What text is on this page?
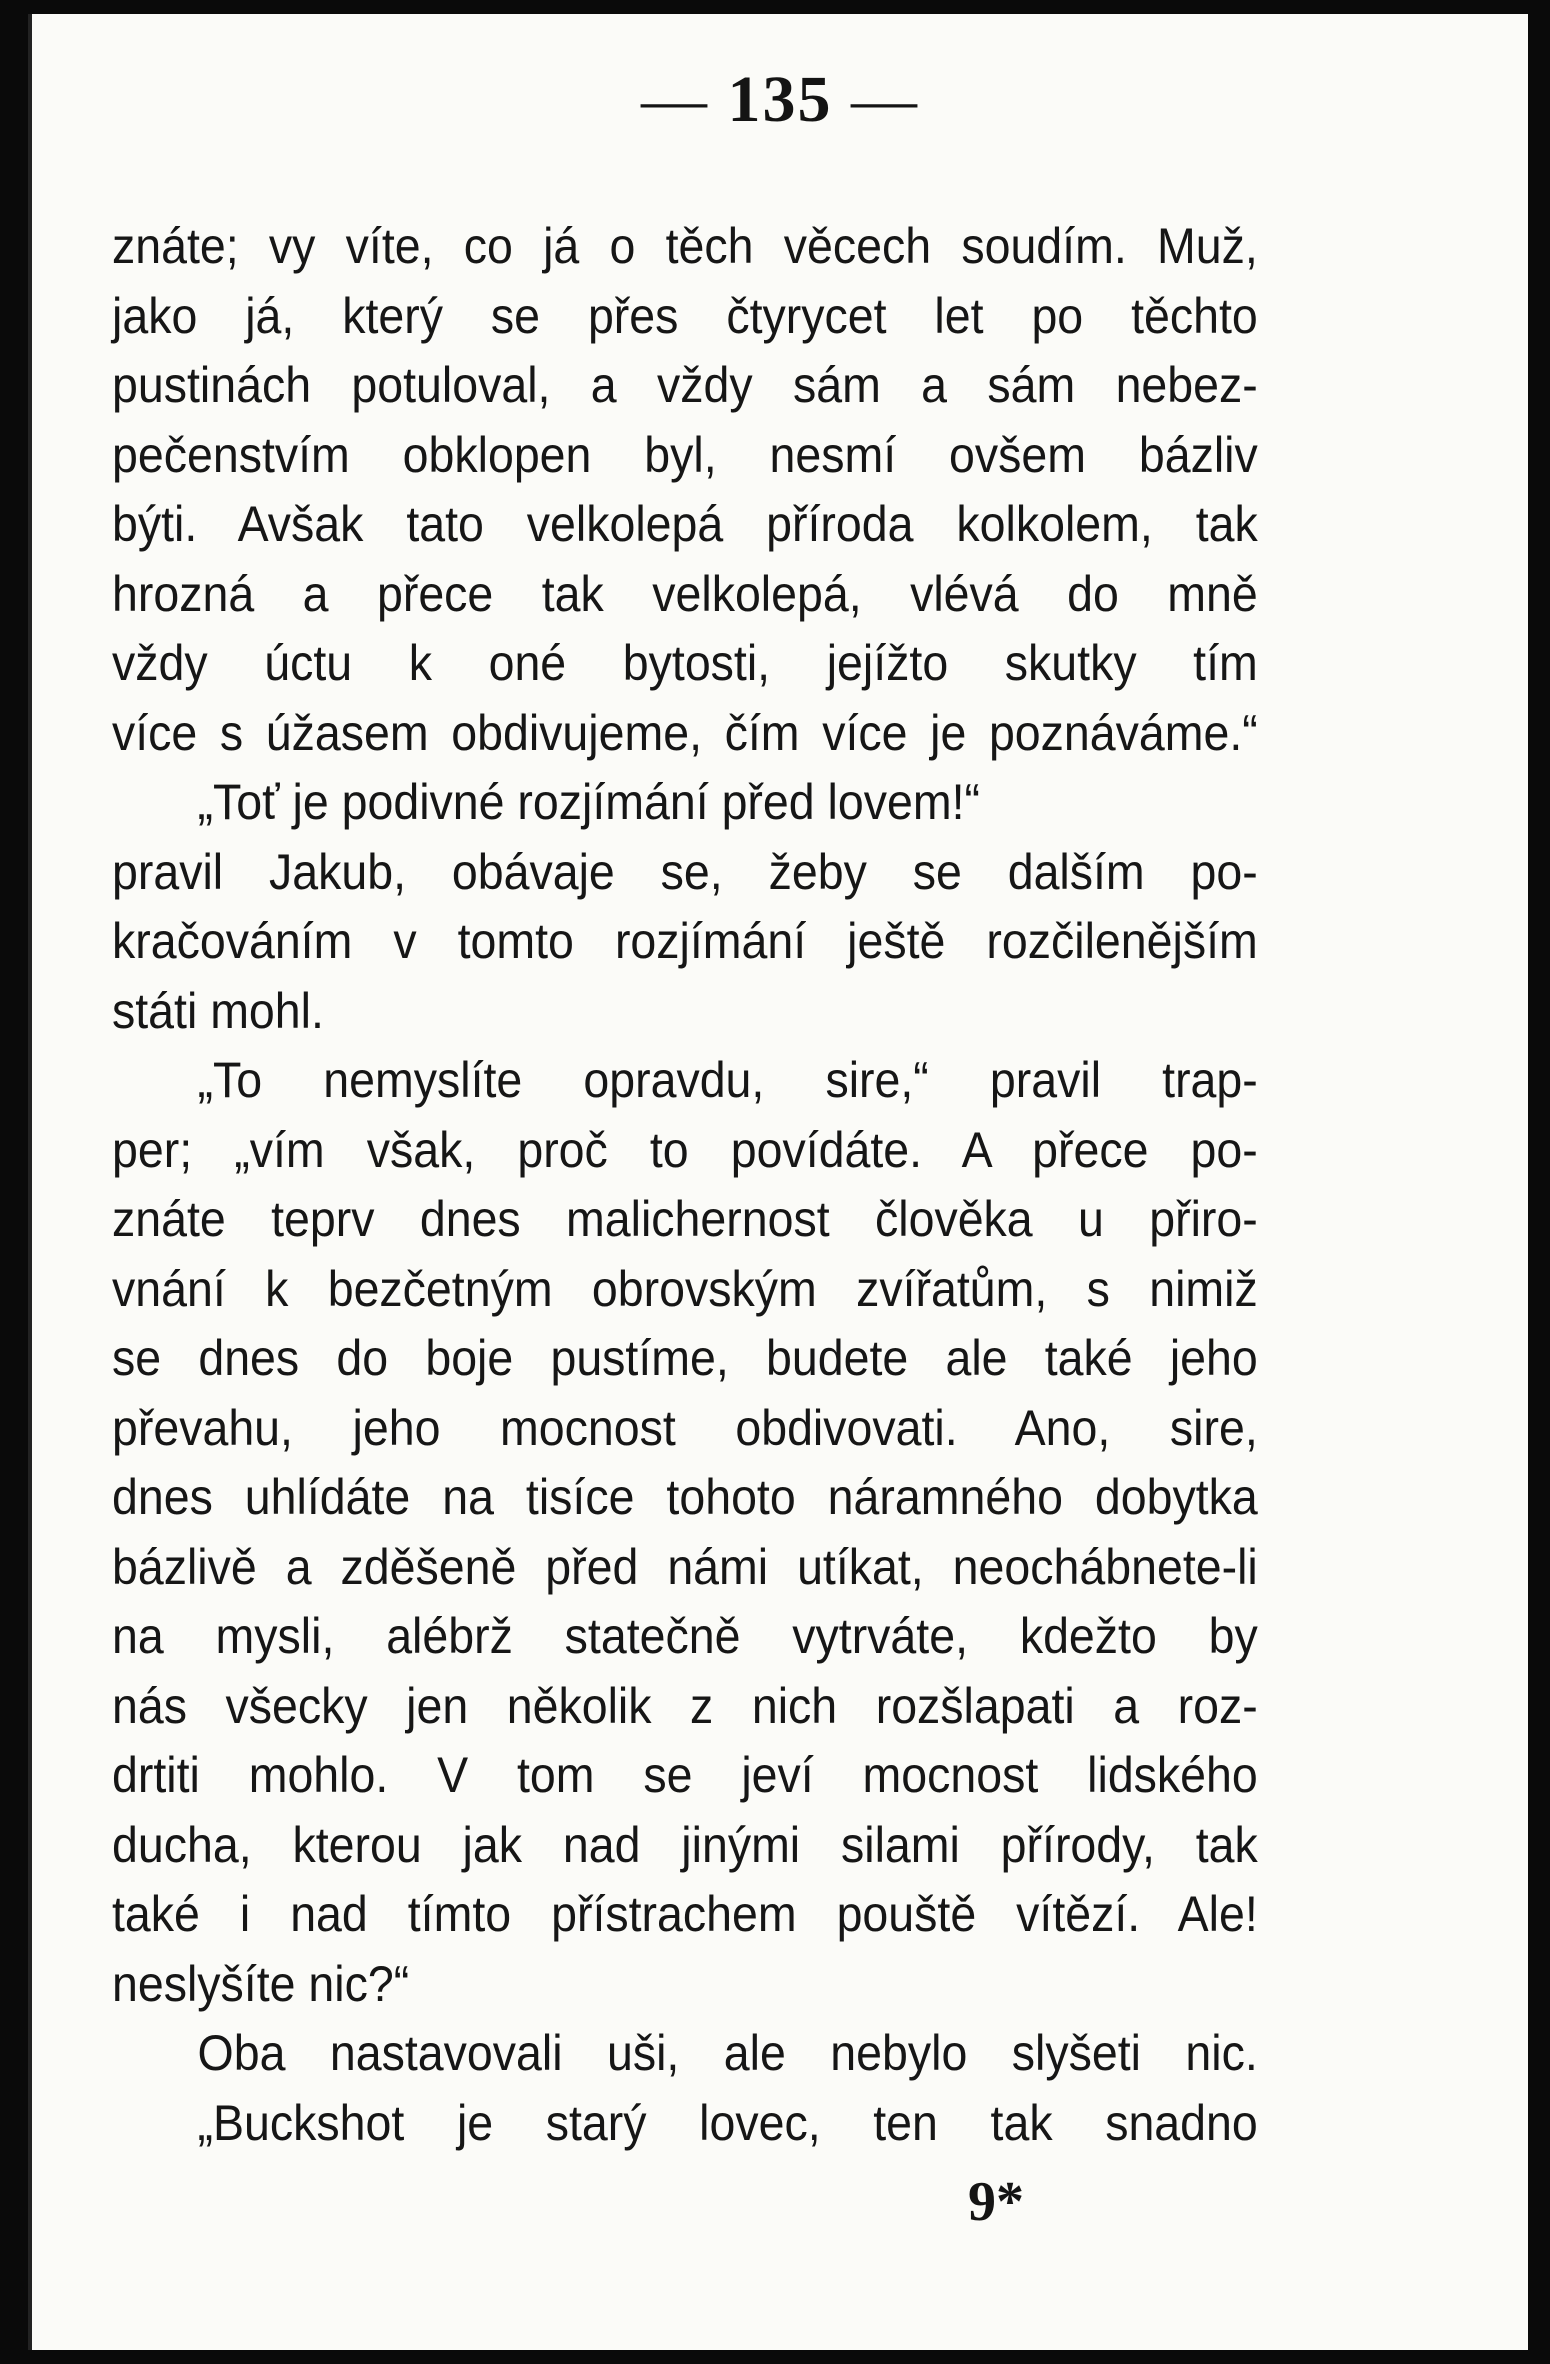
— 135 —
znáte; vy víte, co já o těch věcech soudím. Muž,
jako já, který se přes čtyrycet let po těchto
pustinách potuloval, a vždy sám a sám nebez-
pečenstvím obklopen byl, nesmí ovšem bázliv
býti. Avšak tato velkolepá příroda kolkolem, tak
hrozná a přece tak velkolepá, vlévá do mně
vždy úctu k oné bytosti, jejížto skutky tím
více s úžasem obdivujeme, čím více je poznáváme.“
„Toť je podivné rozjímání před lovem!“
pravil Jakub, obávaje se, žeby se dalším po-
kračováním v tomto rozjímání ještě rozčilenějším
státi mohl.
„To nemyslíte opravdu, sire,“ pravil trap-
per; „vím však, proč to povídáte. A přece po-
znáte teprv dnes malichernost člověka u přiro-
vnání k bezčetným obrovským zvířatům, s nimiž
se dnes do boje pustíme, budete ale také jeho
převahu, jeho mocnost obdivovati. Ano, sire,
dnes uhlídáte na tisíce tohoto náramného dobytka
bázlivě a zděšeně před námi utíkat, neochábnete-li
na mysli, alébrž statečně vytrváte, kdežto by
nás všecky jen několik z nich rozšlapati a roz-
drtiti mohlo. V tom se jeví mocnost lidského
ducha, kterou jak nad jinými silami přírody, tak
také i nad tímto přístrachem pouště vítězí. Ale!
neslyšíte nic?“
Oba nastavovali uši, ale nebylo slyšeti nic.
„Buckshot je starý lovec, ten tak snadno
9*
